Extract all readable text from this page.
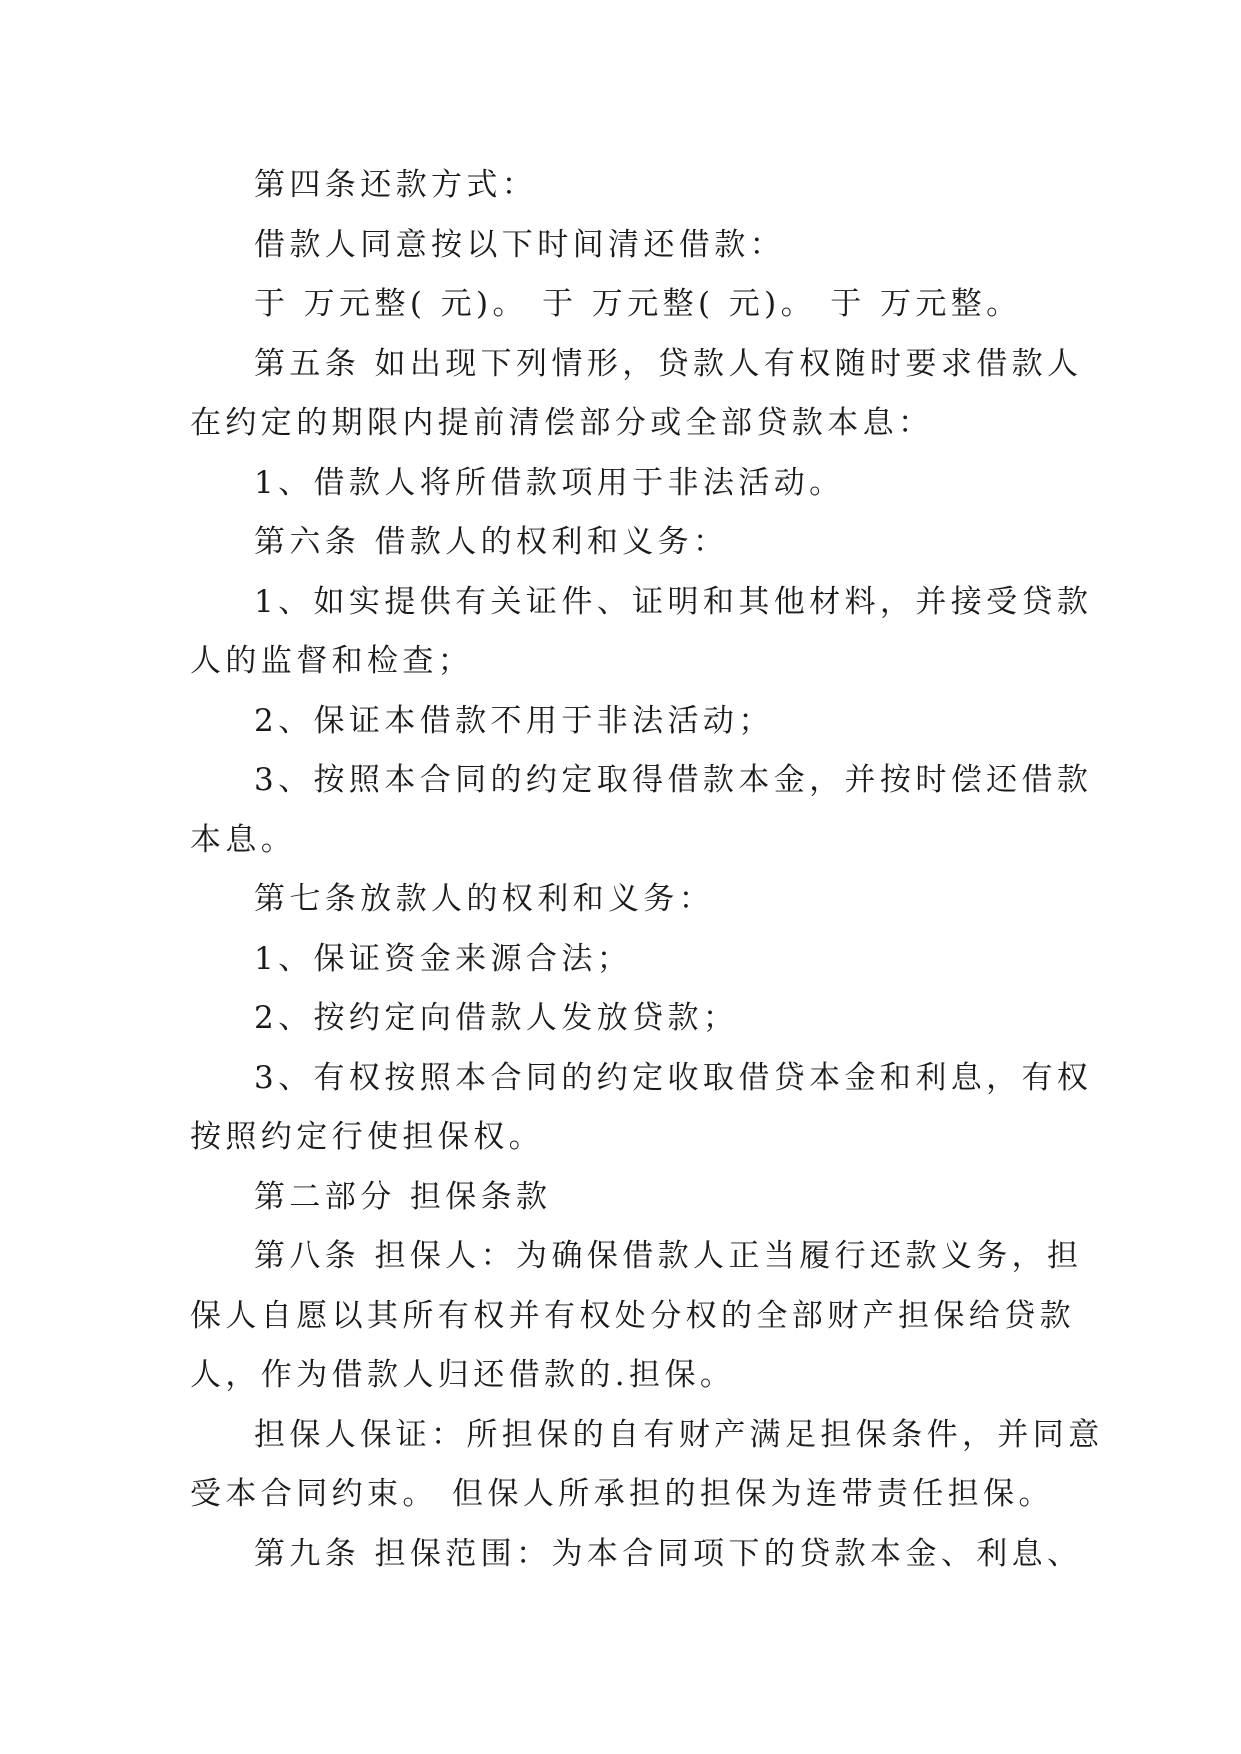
第四条还款方式：
借款人同意按以下时间清还借款：
于 万元整( 元)。 于 万元整( 元)。 于 万元整。
第五条 如出现下列情形，贷款人有权随时要求借款人
在约定的期限内提前清偿部分或全部贷款本息：
1、借款人将所借款项用于非法活动。
第六条 借款人的权利和义务：
1、如实提供有关证件、证明和其他材料，并接受贷款
人的监督和检查；
2、保证本借款不用于非法活动；
3、按照本合同的约定取得借款本金，并按时偿还借款
本息。
第七条放款人的权利和义务：
1、保证资金来源合法；
2、按约定向借款人发放贷款；
3、有权按照本合同的约定收取借贷本金和利息，有权
按照约定行使担保权。
第二部分 担保条款
第八条 担保人：为确保借款人正当履行还款义务，担
保人自愿以其所有权并有权处分权的全部财产担保给贷款
人，作为借款人归还借款的.担保。
担保人保证：所担保的自有财产满足担保条件，并同意
受本合同约束。 但保人所承担的担保为连带责任担保。
第九条 担保范围：为本合同项下的贷款本金、利息、
